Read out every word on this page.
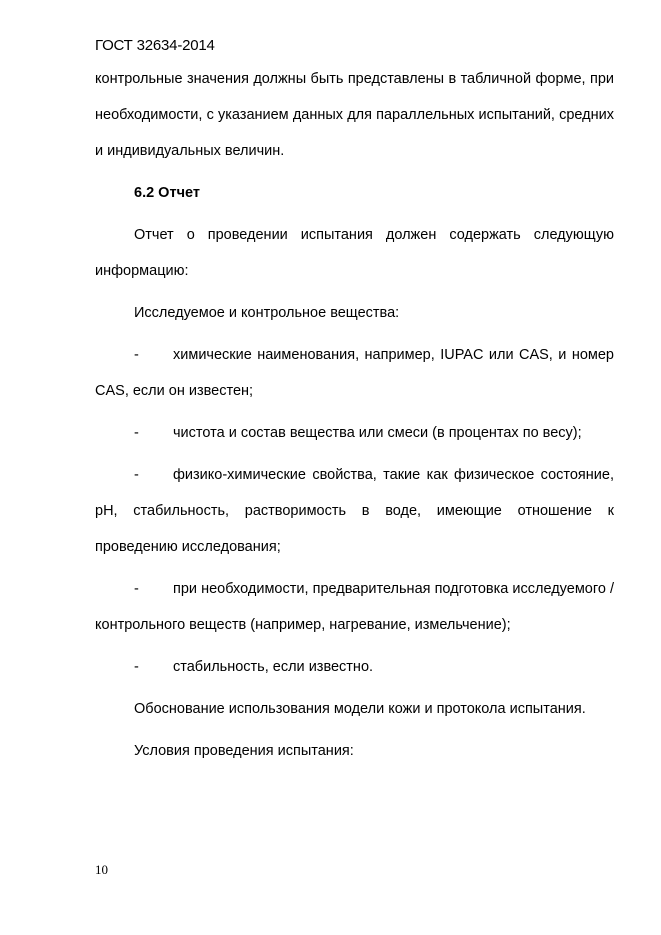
ГОСТ 32634-2014

контрольные значения должны быть представлены в табличной форме, при необходимости, с указанием данных для параллельных испытаний, средних и индивидуальных величин.

6.2 Отчет

Отчет о проведении испытания должен содержать следующую информацию:

Исследуемое и контрольное вещества:

- химические наименования, например, IUPAC или CAS, и номер CAS, если он известен;

- чистота и состав вещества или смеси (в процентах по весу);

- физико-химические свойства, такие как физическое состояние, pH, стабильность, растворимость в воде, имеющие отношение к проведению исследования;

- при необходимости, предварительная подготовка исследуемого / контрольного веществ (например, нагревание, измельчение);

- стабильность, если известно.

Обоснование использования модели кожи и протокола испытания.

Условия проведения испытания:

10
